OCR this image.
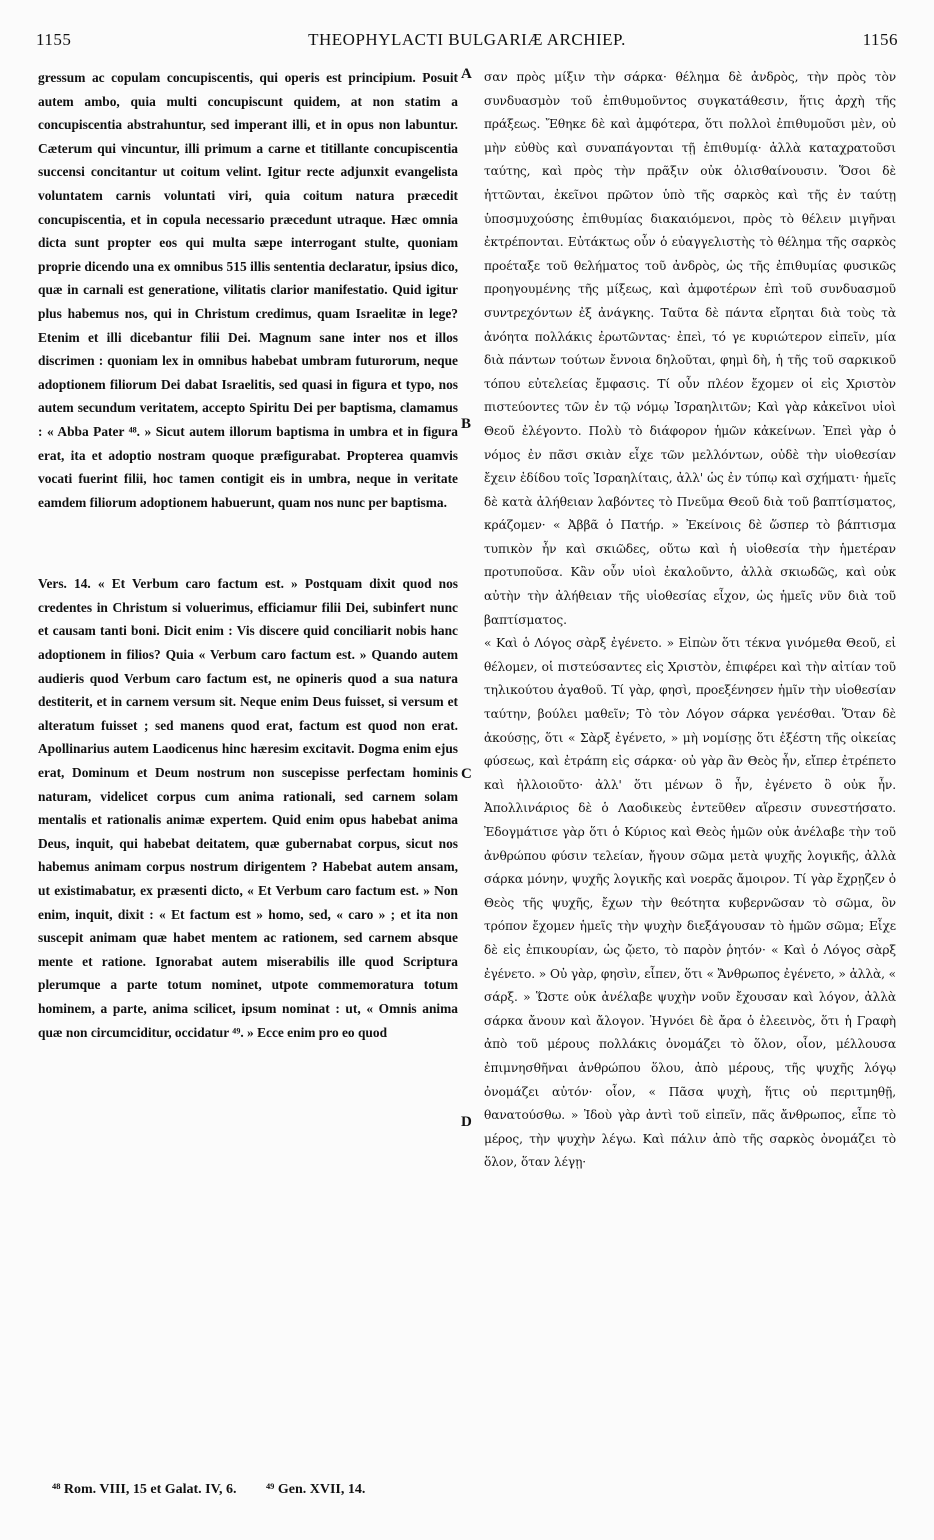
1155	THEOPHYLACTI BULGARIÆ ARCHIEP.	1156

gressum ac copulam concupiscentis, qui operis est principium. Posuit autem ambo, quia multi concupiscunt quidem, at non statim a concupiscentia abstrahuntur, sed imperant illi, et in opus non labuntur. Cæterum qui vincuntur, illi primum a carne et titillante concupiscentia succensi concitantur ut coitum velint. Igitur recte adjunxit evangelista voluntatem carnis voluntati viri, quia coitum natura præcedit concupiscentia, et in copula necessario præcedunt utraque. Hæc omnia dicta sunt propter eos qui multa sæpe interrogant stulte, quoniam proprie dicendo una ex omnibus 515 illis sententia declaratur, ipsius dico, quæ in carnali est generatione, vilitatis clarior manifestatio. Quid igitur plus habemus nos, qui in Christum credimus, quam Israelitæ in lege? Etenim et illi dicebantur filii Dei. Magnum sane inter nos et illos discrimen : quoniam lex in omnibus habebat umbram futurorum, neque adoptionem filiorum Dei dabat Israelitis, sed quasi in figura et typo, nos autem secundum veritatem, accepto Spiritu Dei per baptisma, clamamus : « Abba Pater ⁴⁸. » Sicut autem illorum baptisma in umbra et in figura erat, ita et adoptio nostram quoque præfigurabat. Propterea quamvis vocati fuerint filii, hoc tamen contigit eis in umbra, neque in veritate eamdem filiorum adoptionem habuerunt, quam nos nunc per baptisma.

Vers. 14. « Et Verbum caro factum est. » Postquam dixit quod nos credentes in Christum si voluerimus, efficiamur filii Dei, subinfert nunc et causam tanti boni. Dicit enim : Vis discere quid conciliarit nobis hanc adoptionem in filios? Quia « Verbum caro factum est. » Quando autem audieris quod Verbum caro factum est, ne opineris quod a sua natura destiterit, et in carnem versum sit. Neque enim Deus fuisset, si versum et alteratum fuisset ; sed manens quod erat, factum est quod non erat. Apollinarius autem Laodicenus hinc hæresim excitavit. Dogma enim ejus erat, Dominum et Deum nostrum non suscepisse perfectam hominis naturam, videlicet corpus cum anima rationali, sed carnem solam mentalis et rationalis animæ expertem. Quid enim opus habebat anima Deus, inquit, qui habebat deitatem, quæ gubernabat corpus, sicut nos habemus animam corpus nostrum dirigentem ? Habebat autem ansam, ut existimabatur, ex præsenti dicto, « Et Verbum caro factum est. » Non enim, inquit, dixit : « Et factum est » homo, sed, « caro » ; et ita non suscepit animam quæ habet mentem ac rationem, sed carnem absque mente et ratione. Ignorabat autem miserabilis ille quod Scriptura plerumque a parte totum nominet, utpote commemoratura totum hominem, a parte, anima scilicet, ipsum nominat : ut, « Omnis anima quæ non circumciditur, occidatur ⁴⁹. » Ecce enim pro eo quod

A
B
C
D

σαν πρὸς μίξιν τὴν σάρκα· θέλημα δὲ ἀνδρὸς, τὴν πρὸς τὸν συνδυασμὸν τοῦ ἐπιθυμοῦντος συγκατάθεσιν, ἥτις ἀρχὴ τῆς πράξεως. Ἔθηκε δὲ καὶ ἀμφότερα, ὅτι πολλοὶ ἐπιθυμοῦσι μὲν, οὐ μὴν εὐθὺς καὶ συναπάγονται τῇ ἐπιθυμίᾳ· ἀλλὰ καταχρατοῦσι ταύτης, καὶ πρὸς τὴν πρᾶξιν οὐκ ὀλισθαίνουσιν. Ὅσοι δὲ ἡττῶνται, ἐκεῖνοι πρῶτον ὑπὸ τῆς σαρκὸς καὶ τῆς ἐν ταύτῃ ὑποσμυχούσης ἐπιθυμίας διακαιόμενοι, πρὸς τὸ θέλειν μιγῆναι ἐκτρέπονται. Εὐτάκτως οὖν ὁ εὐαγγελιστὴς τὸ θέλημα τῆς σαρκὸς προέταξε τοῦ θελήματος τοῦ ἀνδρὸς, ὡς τῆς ἐπιθυμίας φυσικῶς προηγουμένης τῆς μίξεως, καὶ ἀμφοτέρων ἐπὶ τοῦ συνδυασμοῦ συντρεχόντων ἐξ ἀνάγκης. Ταῦτα δὲ πάντα εἴρηται διὰ τοὺς τὰ ἀνόητα πολλάκις ἐρωτῶντας· ἐπεὶ, τό γε κυριώτερον εἰπεῖν, μία διὰ πάντων τούτων ἔννοια δηλοῦται, φημὶ δὴ, ἡ τῆς τοῦ σαρκικοῦ τόπου εὐτελείας ἔμφασις. Τί οὖν πλέον ἔχομεν οἱ εἰς Χριστὸν πιστεύοντες τῶν ἐν τῷ νόμῳ Ἰσραηλιτῶν; Καὶ γὰρ κἀκεῖνοι υἱοὶ Θεοῦ ἐλέγοντο. Πολὺ τὸ διάφορον ἡμῶν κἀκείνων. Ἐπεὶ γὰρ ὁ νόμος ἐν πᾶσι σκιὰν εἶχε τῶν μελλόντων, οὐδὲ τὴν υἱοθεσίαν ἔχειν ἐδίδου τοῖς Ἰσραηλίταις, ἀλλ' ὡς ἐν τύπῳ καὶ σχήματι· ἡμεῖς δὲ κατὰ ἀλήθειαν λαβόντες τὸ Πνεῦμα Θεοῦ διὰ τοῦ βαπτίσματος, κράζομεν· « Ἀββᾶ ὁ Πατήρ. » Ἐκείνοις δὲ ὥσπερ τὸ βάπτισμα τυπικὸν ἦν καὶ σκιῶδες, οὕτω καὶ ἡ υἱοθεσία τὴν ἡμετέραν προτυποῦσα. Κἂν οὖν υἱοὶ ἐκαλοῦντο, ἀλλὰ σκιωδῶς, καὶ οὐκ αὐτὴν τὴν ἀλήθειαν τῆς υἱοθεσίας εἶχον, ὡς ἡμεῖς νῦν διὰ τοῦ βαπτίσματος.

« Καὶ ὁ Λόγος σὰρξ ἐγένετο. » Εἰπὼν ὅτι τέκνα γινόμεθα Θεοῦ, εἰ θέλομεν, οἱ πιστεύσαντες εἰς Χριστὸν, ἐπιφέρει καὶ τὴν αἰτίαν τοῦ τηλικούτου ἀγαθοῦ. Τί γὰρ, φησὶ, προεξένησεν ἡμῖν τὴν υἱοθεσίαν ταύτην, βούλει μαθεῖν; Τὸ τὸν Λόγον σάρκα γενέσθαι. Ὅταν δὲ ἀκούσῃς, ὅτι « Σὰρξ ἐγένετο, » μὴ νομίσῃς ὅτι ἐξέστη τῆς οἰκείας φύσεως, καὶ ἐτράπη εἰς σάρκα· οὐ γὰρ ἂν Θεὸς ἦν, εἴπερ ἐτρέπετο καὶ ἠλλοιοῦτο· ἀλλ' ὅτι μένων ὃ ἦν, ἐγένετο ὃ οὐκ ἦν. Ἀπολλινάριος δὲ ὁ Λαοδικεὺς ἐντεῦθεν αἵρεσιν συνεστήσατο. Ἐδογμάτισε γὰρ ὅτι ὁ Κύριος καὶ Θεὸς ἡμῶν οὐκ ἀνέλαβε τὴν τοῦ ἀνθρώπου φύσιν τελείαν, ἤγουν σῶμα μετὰ ψυχῆς λογικῆς, ἀλλὰ σάρκα μόνην, ψυχῆς λογικῆς καὶ νοερᾶς ἄμοιρον. Τί γὰρ ἔχρῃζεν ὁ Θεὸς τῆς ψυχῆς, ἔχων τὴν θεότητα κυβερνῶσαν τὸ σῶμα, ὃν τρόπον ἔχομεν ἡμεῖς τὴν ψυχὴν διεξάγουσαν τὸ ἡμῶν σῶμα; Εἶχε δὲ εἰς ἐπικουρίαν, ὡς ᾤετο, τὸ παρὸν ῥητόν· « Καὶ ὁ Λόγος σὰρξ ἐγένετο. » Οὐ γὰρ, φησὶν, εἶπεν, ὅτι « Ἄνθρωπος ἐγένετο, » ἀλλὰ, « σάρξ. » Ὥστε οὐκ ἀνέλαβε ψυχὴν νοῦν ἔχουσαν καὶ λόγον, ἀλλὰ σάρκα ἄνουν καὶ ἄλογον. Ἠγνόει δὲ ἄρα ὁ ἐλεεινὸς, ὅτι ἡ Γραφὴ ἀπὸ τοῦ μέρους πολλάκις ὀνομάζει τὸ ὅλον, οἷον, μέλλουσα ἐπιμνησθῆναι ἀνθρώπου ὅλου, ἀπὸ μέρους, τῆς ψυχῆς λόγῳ ὀνομάζει αὐτόν· οἷον, « Πᾶσα ψυχὴ, ἥτις οὐ περιτμηθῇ, θανατούσθω. » Ἰδοὺ γὰρ ἀντὶ τοῦ εἰπεῖν, πᾶς ἄνθρωπος, εἶπε τὸ μέρος, τὴν ψυχὴν λέγω. Καὶ πάλιν ἀπὸ τῆς σαρκὸς ὀνομάζει τὸ ὅλον, ὅταν λέγῃ·

⁴⁸ Rom. VIII, 15 et Galat. IV, 6. ⁴⁹ Gen. XVII, 14.
